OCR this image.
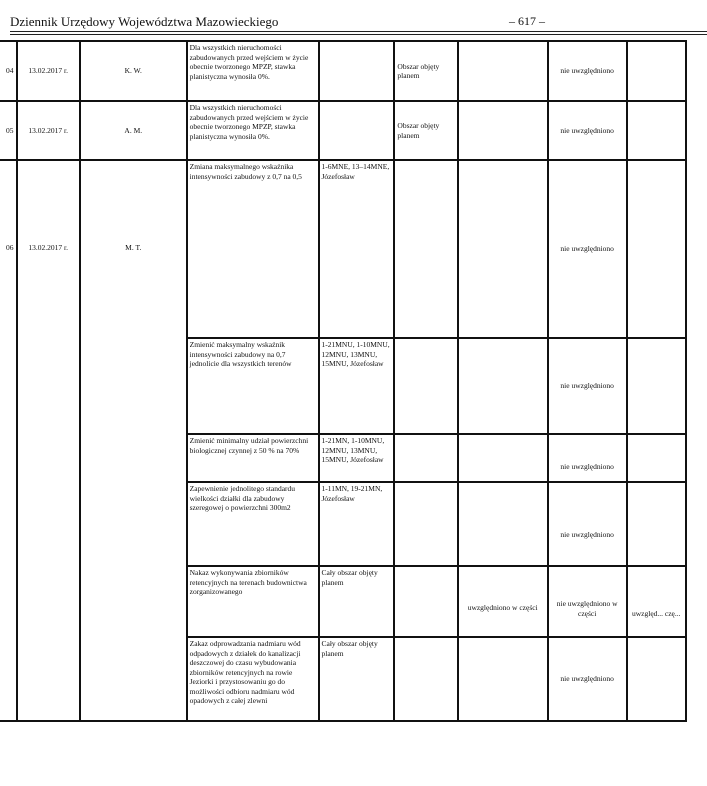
Dziennik Urzędowy Województwa Mazowieckiego	– 617 –
04	13.02.2017 r.	K. W.	Dla wszystkich nieruchomości zabudowanych przed wejściem w życie obecnie tworzonego MPZP, stawka planistyczna wynosiła 0%.		Obszar objęty planem		nie uwzględniono	
05	13.02.2017 r.	A. M.	Dla wszystkich nieruchomości zabudowanych przed wejściem w życie obecnie tworzonego MPZP, stawka planistyczna wynosiła 0%.		Obszar objęty planem		nie uwzględniono	
06	13.02.2017 r.	M. T.	Zmiana maksymalnego wskaźnika intensywności zabudowy z 0,7 na 0,5	1-6MNE, 13–14MNE, Józefosław			nie uwzględniono	
			Zmienić maksymalny wskaźnik intensywności zabudowy na 0,7 jednolicie dla wszystkich terenów	1-21MNU, 1-10MNU, 12MNU, 13MNU, 15MNU, Józefosław			nie uwzględniono	
			Zmienić minimalny udział powierzchni biologicznej czynnej z 50 % na 70%	1-21MN, 1-10MNU, 12MNU, 13MNU, 15MNU, Józefosław			nie uwzględniono	
			Zapewnienie jednolitego standardu wielkości działki dla zabudowy szeregowej o powierzchni 300m2	1-11MN, 19-21MN, Józefosław			nie uwzględniono	
			Nakaz wykonywania zbiorników retencyjnych na terenach budownictwa zorganizowanego	Cały obszar objęty planem		uwzględniono w części	nie uwzględniono w części	uwzględ... czę...
			Zakaz odprowadzania nadmiaru wód odpadowych z działek do kanalizacji deszczowej do czasu wybudowania zbiorników retencyjnych na rowie Jeziorki i przystosowaniu go do możliwości odbioru nadmiaru wód opadowych z całej zlewni	Cały obszar objęty planem			nie uwzględniono	
